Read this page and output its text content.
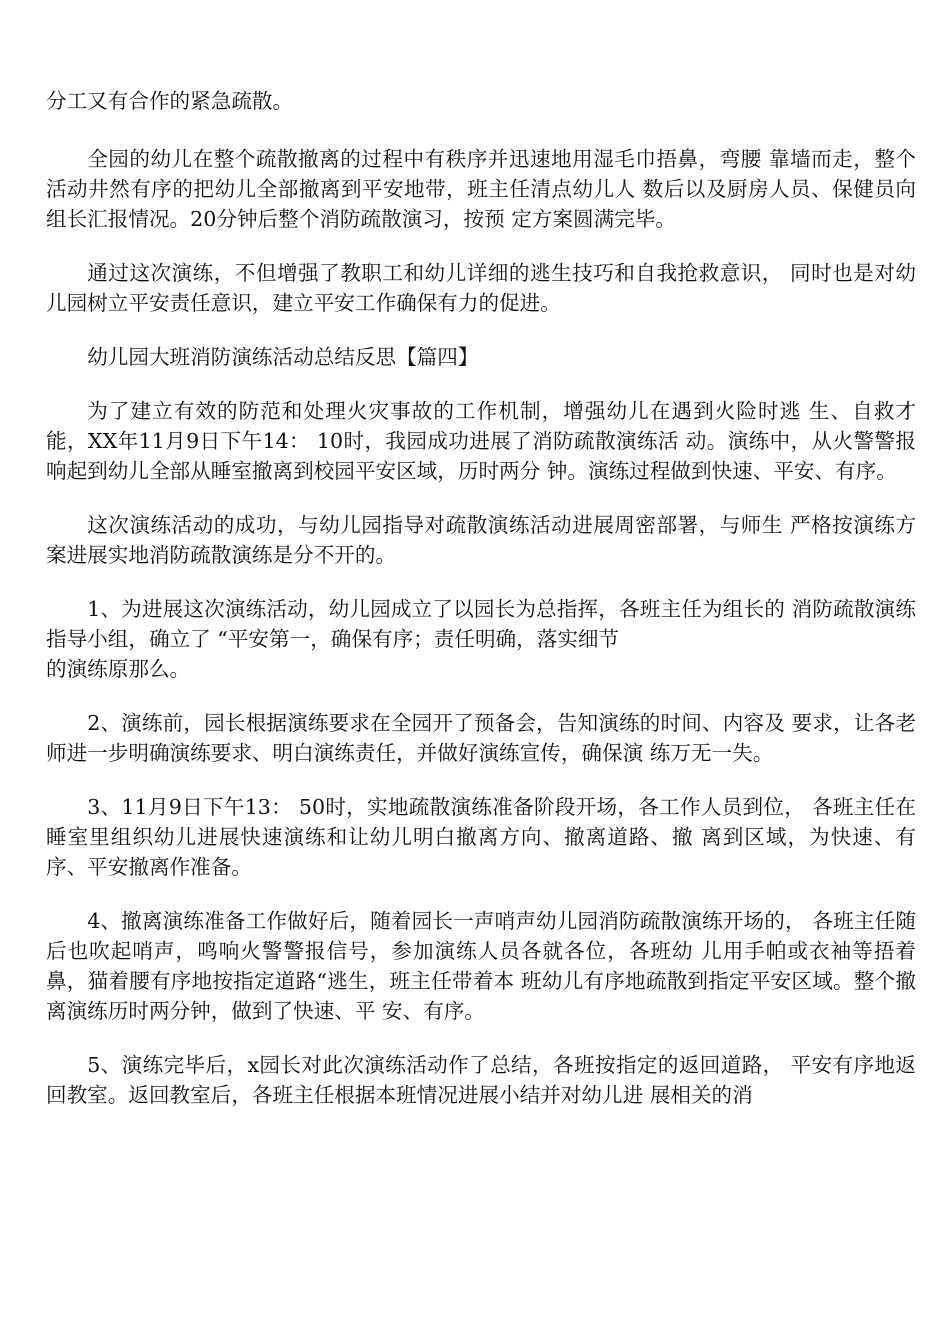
分工又有合作的紧急疏散。

全园的幼儿在整个疏散撤离的过程中有秩序并迅速地用湿毛巾捂鼻，弯腰 靠墙而走，整个活动井然有序的把幼儿全部撤离到平安地带，班主任清点幼儿人 数后以及厨房人员、保健员向组长汇报情况。20分钟后整个消防疏散演习，按预 定方案圆满完毕。

通过这次演练，不但增强了教职工和幼儿详细的逃生技巧和自我抢救意识， 同时也是对幼儿园树立平安责任意识，建立平安工作确保有力的促进。

幼儿园大班消防演练活动总结反思【篇四】

为了建立有效的防范和处理火灾事故的工作机制，增强幼儿在遇到火险时逃 生、自救才能，XX年11月9日下午14： 10时，我园成功进展了消防疏散演练活 动。演练中，从火警警报响起到幼儿全部从睡室撤离到校园平安区域，历时两分 钟。演练过程做到快速、平安、有序。

这次演练活动的成功，与幼儿园指导对疏散演练活动进展周密部署，与师生 严格按演练方案进展实地消防疏散演练是分不开的。

1、为进展这次演练活动，幼儿园成立了以园长为总指挥，各班主任为组长的 消防疏散演练指导小组，确立了 “平安第一，确保有序；责任明确，落实细节

的演练原那么。

2、演练前，园长根据演练要求在全园开了预备会，告知演练的时间、内容及 要求，让各老师进一步明确演练要求、明白演练责任，并做好演练宣传，确保演 练万无一失。

3、11月9日下午13： 50时，实地疏散演练准备阶段开场，各工作人员到位， 各班主任在睡室里组织幼儿进展快速演练和让幼儿明白撤离方向、撤离道路、撤 离到区域，为快速、有序、平安撤离作准备。

4、撤离演练准备工作做好后，随着园长一声哨声幼儿园消防疏散演练开场的， 各班主任随后也吹起哨声，鸣响火警警报信号，参加演练人员各就各位，各班幼 儿用手帕或衣袖等捂着鼻，猫着腰有序地按指定道路“逃生，班主任带着本 班幼儿有序地疏散到指定平安区域。整个撤离演练历时两分钟，做到了快速、平 安、有序。

5、演练完毕后，x园长对此次演练活动作了总结，各班按指定的返回道路， 平安有序地返回教室。返回教室后，各班主任根据本班情况进展小结并对幼儿进 展相关的消
